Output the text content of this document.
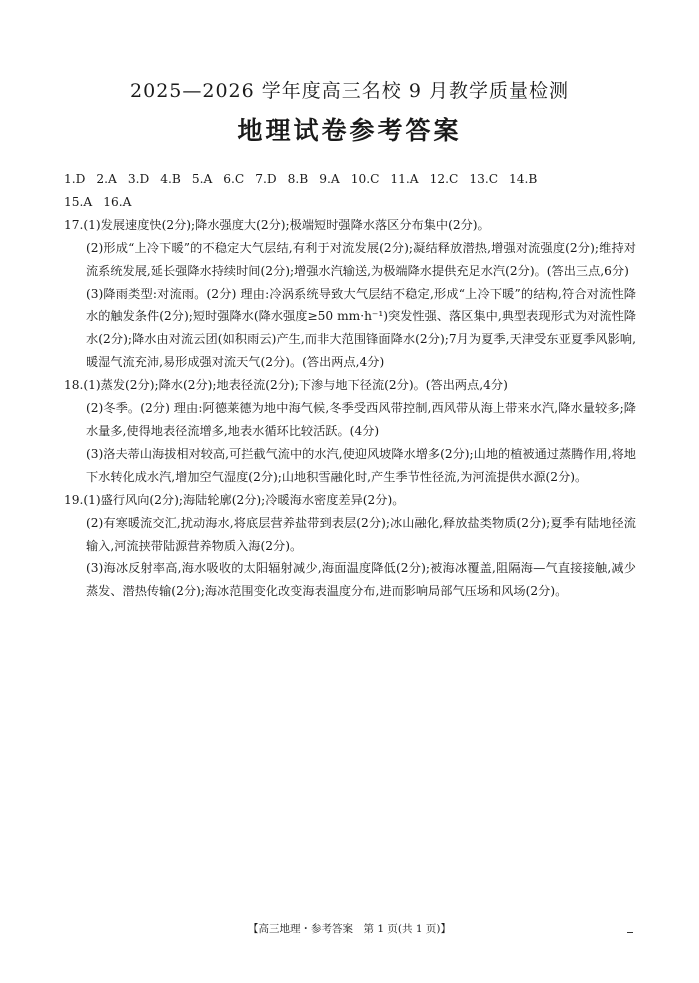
2025—2026 学年度高三名校 9 月教学质量检测
地理试卷参考答案
1.D 2.A 3.D 4.B 5.A 6.C 7.D 8.B 9.A 10.C 11.A 12.C 13.C 14.B
15.A 16.A
17.(1)发展速度快(2分);降水强度大(2分);极端短时强降水落区分布集中(2分)。
(2)形成“上冷下暖”的不稳定大气层结,有利于对流发展(2分);凝结释放潜热,增强对流强度(2分);维持对流系统发展,延长强降水持续时间(2分);增强水汽输送,为极端降水提供充足水汽(2分)。(答出三点,6分)
(3)降雨类型:对流雨。(2分) 理由:冷涡系统导致大气层结不稳定,形成“上冷下暖”的结构,符合对流性降水的触发条件(2分);短时强降水(降水强度≥50 mm·h⁻¹)突发性强、落区集中,典型表现形式为对流性降水(2分);降水由对流云团(如积雨云)产生,而非大范围锋面降水(2分);7月为夏季,天津受东亚夏季风影响,暖湿气流充沛,易形成强对流天气(2分)。(答出两点,4分)
18.(1)蒸发(2分);降水(2分);地表径流(2分);下渗与地下径流(2分)。(答出两点,4分)
(2)冬季。(2分) 理由:阿德莱德为地中海气候,冬季受西风带控制,西风带从海上带来水汽,降水量较多;降水量多,使得地表径流增多,地表水循环比较活跃。(4分)
(3)洛夫蒂山海拔相对较高,可拦截气流中的水汽,使迎风坡降水增多(2分);山地的植被通过蒸腾作用,将地下水转化成水汽,增加空气湿度(2分);山地积雪融化时,产生季节性径流,为河流提供水源(2分)。
19.(1)盛行风向(2分);海陆轮廓(2分);冷暖海水密度差异(2分)。
(2)有寒暖流交汇,扰动海水,将底层营养盐带到表层(2分);冰山融化,释放盐类物质(2分);夏季有陆地径流输入,河流挟带陆源营养物质入海(2分)。
(3)海冰反射率高,海水吸收的太阳辐射减少,海面温度降低(2分);被海冰覆盖,阻隔海—气直接接触,减少蒸发、潜热传输(2分);海冰范围变化改变海表温度分布,进而影响局部气压场和风场(2分)。
【高三地理・参考答案　第 1 页(共 1 页)】
